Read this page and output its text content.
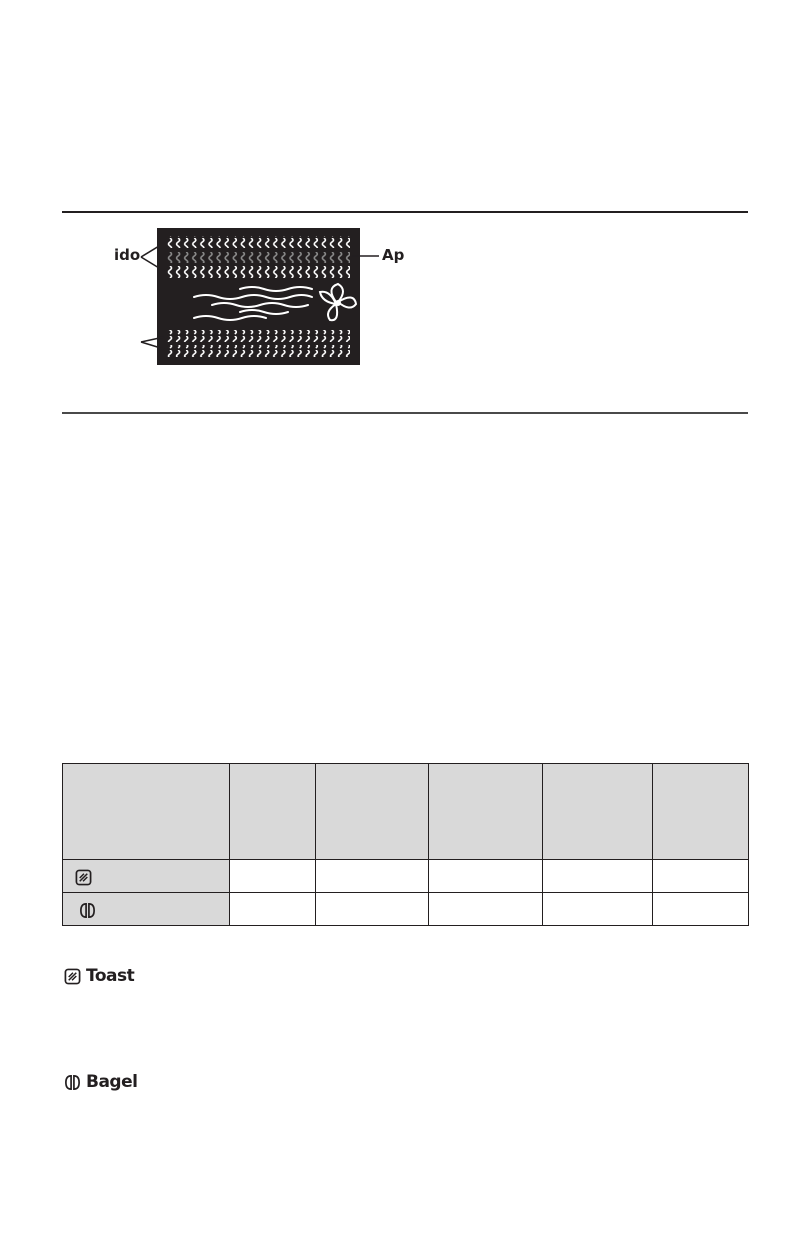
ido	Ap

Toast
Bagel
